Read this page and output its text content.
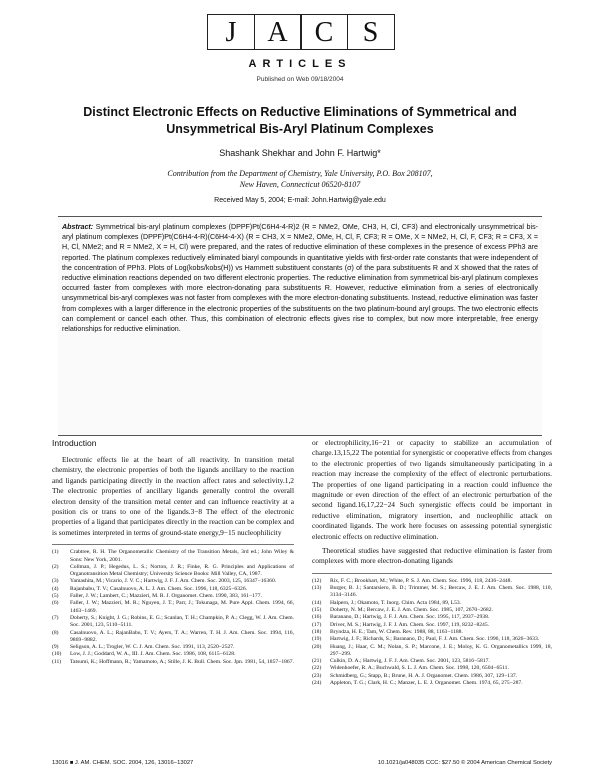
J	A C	S
ARTICLES
Published on Web 09/18/2004
Distinct Electronic Effects on Reductive Eliminations of Symmetrical and Unsymmetrical Bis-Aryl Platinum Complexes
Shashank Shekhar and John F. Hartwig*
Contribution from the Department of Chemistry, Yale University, P.O. Box 208107,
New Haven, Connecticut 06520-8107
Received May 5, 2004; E-mail: John.Hartwig@yale.edu
Abstract: Symmetrical bis-aryl platinum complexes (DPPF)Pt(C6H4-4-R)2 (R = NMe2, OMe, CH3, H, Cl, CF3) and electronically unsymmetrical bis-aryl platinum complexes (DPPF)Pt(C6H4-4-R)(C6H4-4-X) (R = CH3, X = NMe2, OMe, H, Cl, F, CF3; R = OMe, X = NMe2, H, Cl, F, CF3; R = CF3, X = H, Cl, NMe2; and R = NMe2, X = H, Cl) were prepared, and the rates of reductive elimination of these complexes in the presence of excess PPh3 are reported. The platinum complexes reductively eliminated biaryl compounds in quantitative yields with first-order rate constants that were independent of the concentration of PPh3. Plots of Log(kobs/kobs(H)) vs Hammett substituent constants (σ) of the para substituents R and X showed that the rates of reductive elimination reactions depended on two different electronic properties. The reductive elimination from symmetrical bis-aryl platinum complexes occurred faster from complexes with more electron-donating para substituents R. However, reductive elimination from a series of electronically unsymmetrical bis-aryl complexes was not faster from complexes with the more electron-donating substituents. Instead, reductive elimination was faster from complexes with a larger difference in the electronic properties of the substituents on the two platinum-bound aryl groups. The two electronic effects can complement or cancel each other. Thus, this combination of electronic effects gives rise to complex, but now more interpretable, free energy relationships for reductive elimination.
Introduction

Electronic effects lie at the heart of all reactivity. In transition metal chemistry, the electronic properties of both the ligands ancillary to the reaction and ligands participating directly in the reaction affect rates and selectivity.1,2 The electronic properties of ancillary ligands generally control the overall electron density of the transition metal center and can influence reactivity at a position cis or trans to one of the ligands.3−8 The effect of the electronic properties of a ligand that participates directly in the reaction can be complex and is sometimes interpreted in terms of ground-state energy,9−15 nucleophilicity

(1) Crabtree, R. H. The Organometallic Chemistry of the Transition Metals, 3rd ed.; John Wiley & Sons: New York, 2001.
(2) Collman, J. P.; Hegedus, L. S.; Norton, J. R.; Finke, R. G. Principles and Applications of Organotransition Metal Chemistry; University Science Books: Mill Valley, CA, 1987.
(3) Yamashita, M.; Vicario, J. V. C.; Hartwig, J. F. J. Am. Chem. Soc. 2003, 125, 16347−16360.
(4) Rajanbabu, T. V.; Casalnuovo, A. L. J. Am. Chem. Soc. 1996, 118, 6325−6326.
(5) Faller, J. W.; Lambert, C.; Mazzieri, M. R. J. Organomet. Chem. 1990, 383, 161−177.
(6) Faller, J. W.; Mazzieri, M. R.; Nguyen, J. T.; Parr, J.; Tokunaga, M. Pure Appl. Chem. 1994, 66, 1463−1469.
(7) Doherty, S.; Knight, J. G.; Robins, E. G.; Scanlan, T. H.; Champkin, P. A.; Clegg, W. J. Am. Chem. Soc. 2001, 123, 5110−5111.
(8) Casalnuovo, A. L.; RajanBabu, T. V.; Ayers, T. A.; Warren, T. H. J. Am. Chem. Soc. 1994, 116, 9869−9882.
(9) Seligson, A. L.; Trogler, W. C. J. Am. Chem. Soc. 1991, 113, 2520−2527.
(10) Low, J. J.; Goddard, W. A., III. J. Am. Chem. Soc. 1986, 108, 6115−6128.
(11) Tatsumi, K.; Hoffmann, R.; Yamamoto, A.; Stille, J. K. Bull. Chem. Soc. Jpn. 1981, 54, 1857−1867.

or electrophilicity,16−21 or capacity to stabilize an accumulation of charge.13,15,22 The potential for synergistic or cooperative effects from changes to the electronic properties of two ligands simultaneously participating in a reaction may increase the complexity of the effect of electronic perturbations. The properties of one ligand participating in a reaction could influence the magnitude or even direction of the effect of an electronic perturbation of the second ligand.16,17,22−24 Such synergistic effects could be important in reductive elimination, migratory insertion, and nucleophilic attack on coordinated ligands. The work here focuses on assessing potential synergistic electronic effects on reductive elimination.

Theoretical studies have suggested that reductive elimination is faster from complexes with more electron-donating ligands

(12) Rix, F. C.; Brookhart, M.; White, P. S. J. Am. Chem. Soc. 1996, 118, 2436−2448.
(13) Burger, B. J.; Santarsiero, B. D.; Trimmer, M. S.; Bercaw, J. E. J. Am. Chem. Soc. 1988, 110, 3134−3146.
(14) Halpern, J.; Okamoto, T. Inorg. Chim. Acta 1984, 89, L53.
(15) Doherty, N. M.; Bercaw, J. E. J. Am. Chem. Soc. 1985, 107, 2670−2682.
(16) Baranano, D.; Hartwig, J. F. J. Am. Chem. Soc. 1995, 117, 2937−2938.
(17) Driver, M. S.; Hartwig, J. F. J. Am. Chem. Soc. 1997, 119, 8232−8245.
(18) Bryndza, H. E.; Tam, W. Chem. Rev. 1988, 88, 1163−1188.
(19) Hartwig, J. F.; Richards, S.; Baranano, D.; Paul, F. J. Am. Chem. Soc. 1996, 118, 3626−3633.
(20) Huang, J.; Haar, C. M.; Nolan, S. P.; Marcone, J. E.; Moloy, K. G. Organometallics 1999, 18, 297−299.
(21) Culkin, D. A.; Hartwig, J. F. J. Am. Chem. Soc. 2001, 123, 5816−5817.
(22) Widenhoefer, R. A.; Buchwald, S. L. J. Am. Chem. Soc. 1998, 120, 6504−6511.
(23) Schmidberg, G.; Stapp, B.; Brune, H. A. J. Organomet. Chem. 1986, 307, 129−137.
(24) Appleton, T. G.; Clark, H. C.; Manzer, L. E. J. Organomet. Chem. 1974, 65, 275−287.
13016 ■ J. AM. CHEM. SOC. 2004, 126, 13016−13027	10.1021/ja048035 CCC: $27.50 © 2004 American Chemical Society
